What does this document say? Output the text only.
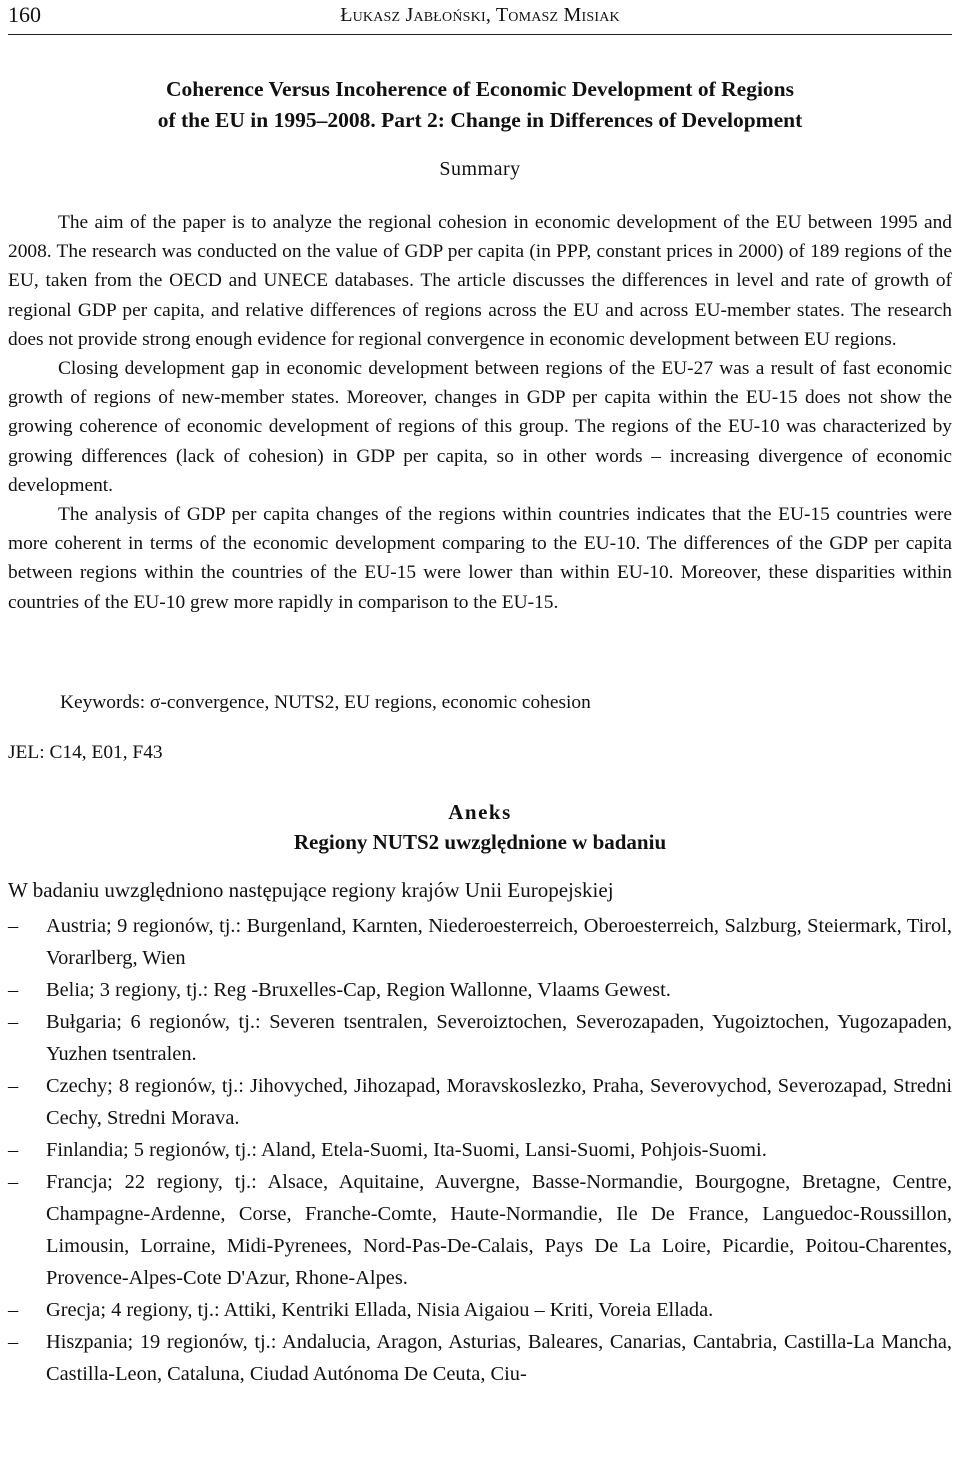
160	Łukasz Jabłoński, Tomasz Misiak
Coherence Versus Incoherence of Economic Development of Regions
of the EU in 1995–2008. Part 2: Change in Differences of Development
Summary

The aim of the paper is to analyze the regional cohesion in economic development of the EU between 1995 and 2008. The research was conducted on the value of GDP per capita (in PPP, constant prices in 2000) of 189 regions of the EU, taken from the OECD and UNECE databases. The article discusses the differences in level and rate of growth of regional GDP per capita, and relative differences of regions across the EU and across EU-member states. The research does not provide strong enough evidence for regional convergence in economic development between EU regions.

Closing development gap in economic development between regions of the EU-27 was a result of fast economic growth of regions of new-member states. Moreover, changes in GDP per capita within the EU-15 does not show the growing coherence of economic development of regions of this group. The regions of the EU-10 was characterized by growing differences (lack of cohesion) in GDP per capita, so in other words – increasing divergence of economic development.

The analysis of GDP per capita changes of the regions within countries indicates that the EU-15 countries were more coherent in terms of the economic development comparing to the EU-10. The differences of the GDP per capita between regions within the countries of the EU-15 were lower than within EU-10. Moreover, these disparities within countries of the EU-10 grew more rapidly in comparison to the EU-15.

Keywords: σ-convergence, NUTS2, EU regions, economic cohesion
JEL: C14, E01, F43
Aneks
Regiony NUTS2 uwzględnione w badaniu
W badaniu uwzględniono następujące regiony krajów Unii Europejskiej
– Austria; 9 regionów, tj.: Burgenland, Karnten, Niederoesterreich, Oberoesterreich, Salzburg, Steiermark, Tirol, Vorarlberg, Wien
– Belia; 3 regiony, tj.: Reg -Bruxelles-Cap, Region Wallonne, Vlaams Gewest.
– Bułgaria; 6 regionów, tj.: Severen tsentralen, Severoiztochen, Severozapaden, Yugoiztochen, Yugozapaden, Yuzhen tsentralen.
– Czechy; 8 regionów, tj.: Jihovyched, Jihozapad, Moravskoslezko, Praha, Severovychod, Severozapad, Stredni Cechy, Stredni Morava.
– Finlandia; 5 regionów, tj.: Aland, Etela-Suomi, Ita-Suomi, Lansi-Suomi, Pohjois-Suomi.
– Francja; 22 regiony, tj.: Alsace, Aquitaine, Auvergne, Basse-Normandie, Bourgogne, Bretagne, Centre, Champagne-Ardenne, Corse, Franche-Comte, Haute-Normandie, Ile De France, Languedoc-Roussillon, Limousin, Lorraine, Midi-Pyrenees, Nord-Pas-De-Calais, Pays De La Loire, Picardie, Poitou-Charentes, Provence-Alpes-Cote D'Azur, Rhone-Alpes.
– Grecja; 4 regiony, tj.: Attiki, Kentriki Ellada, Nisia Aigaiou – Kriti, Voreia Ellada.
– Hiszpania; 19 regionów, tj.: Andalucia, Aragon, Asturias, Baleares, Canarias, Cantabria, Castilla-La Mancha, Castilla-Leon, Cataluna, Ciudad Autónoma De Ceuta, Ciu-
